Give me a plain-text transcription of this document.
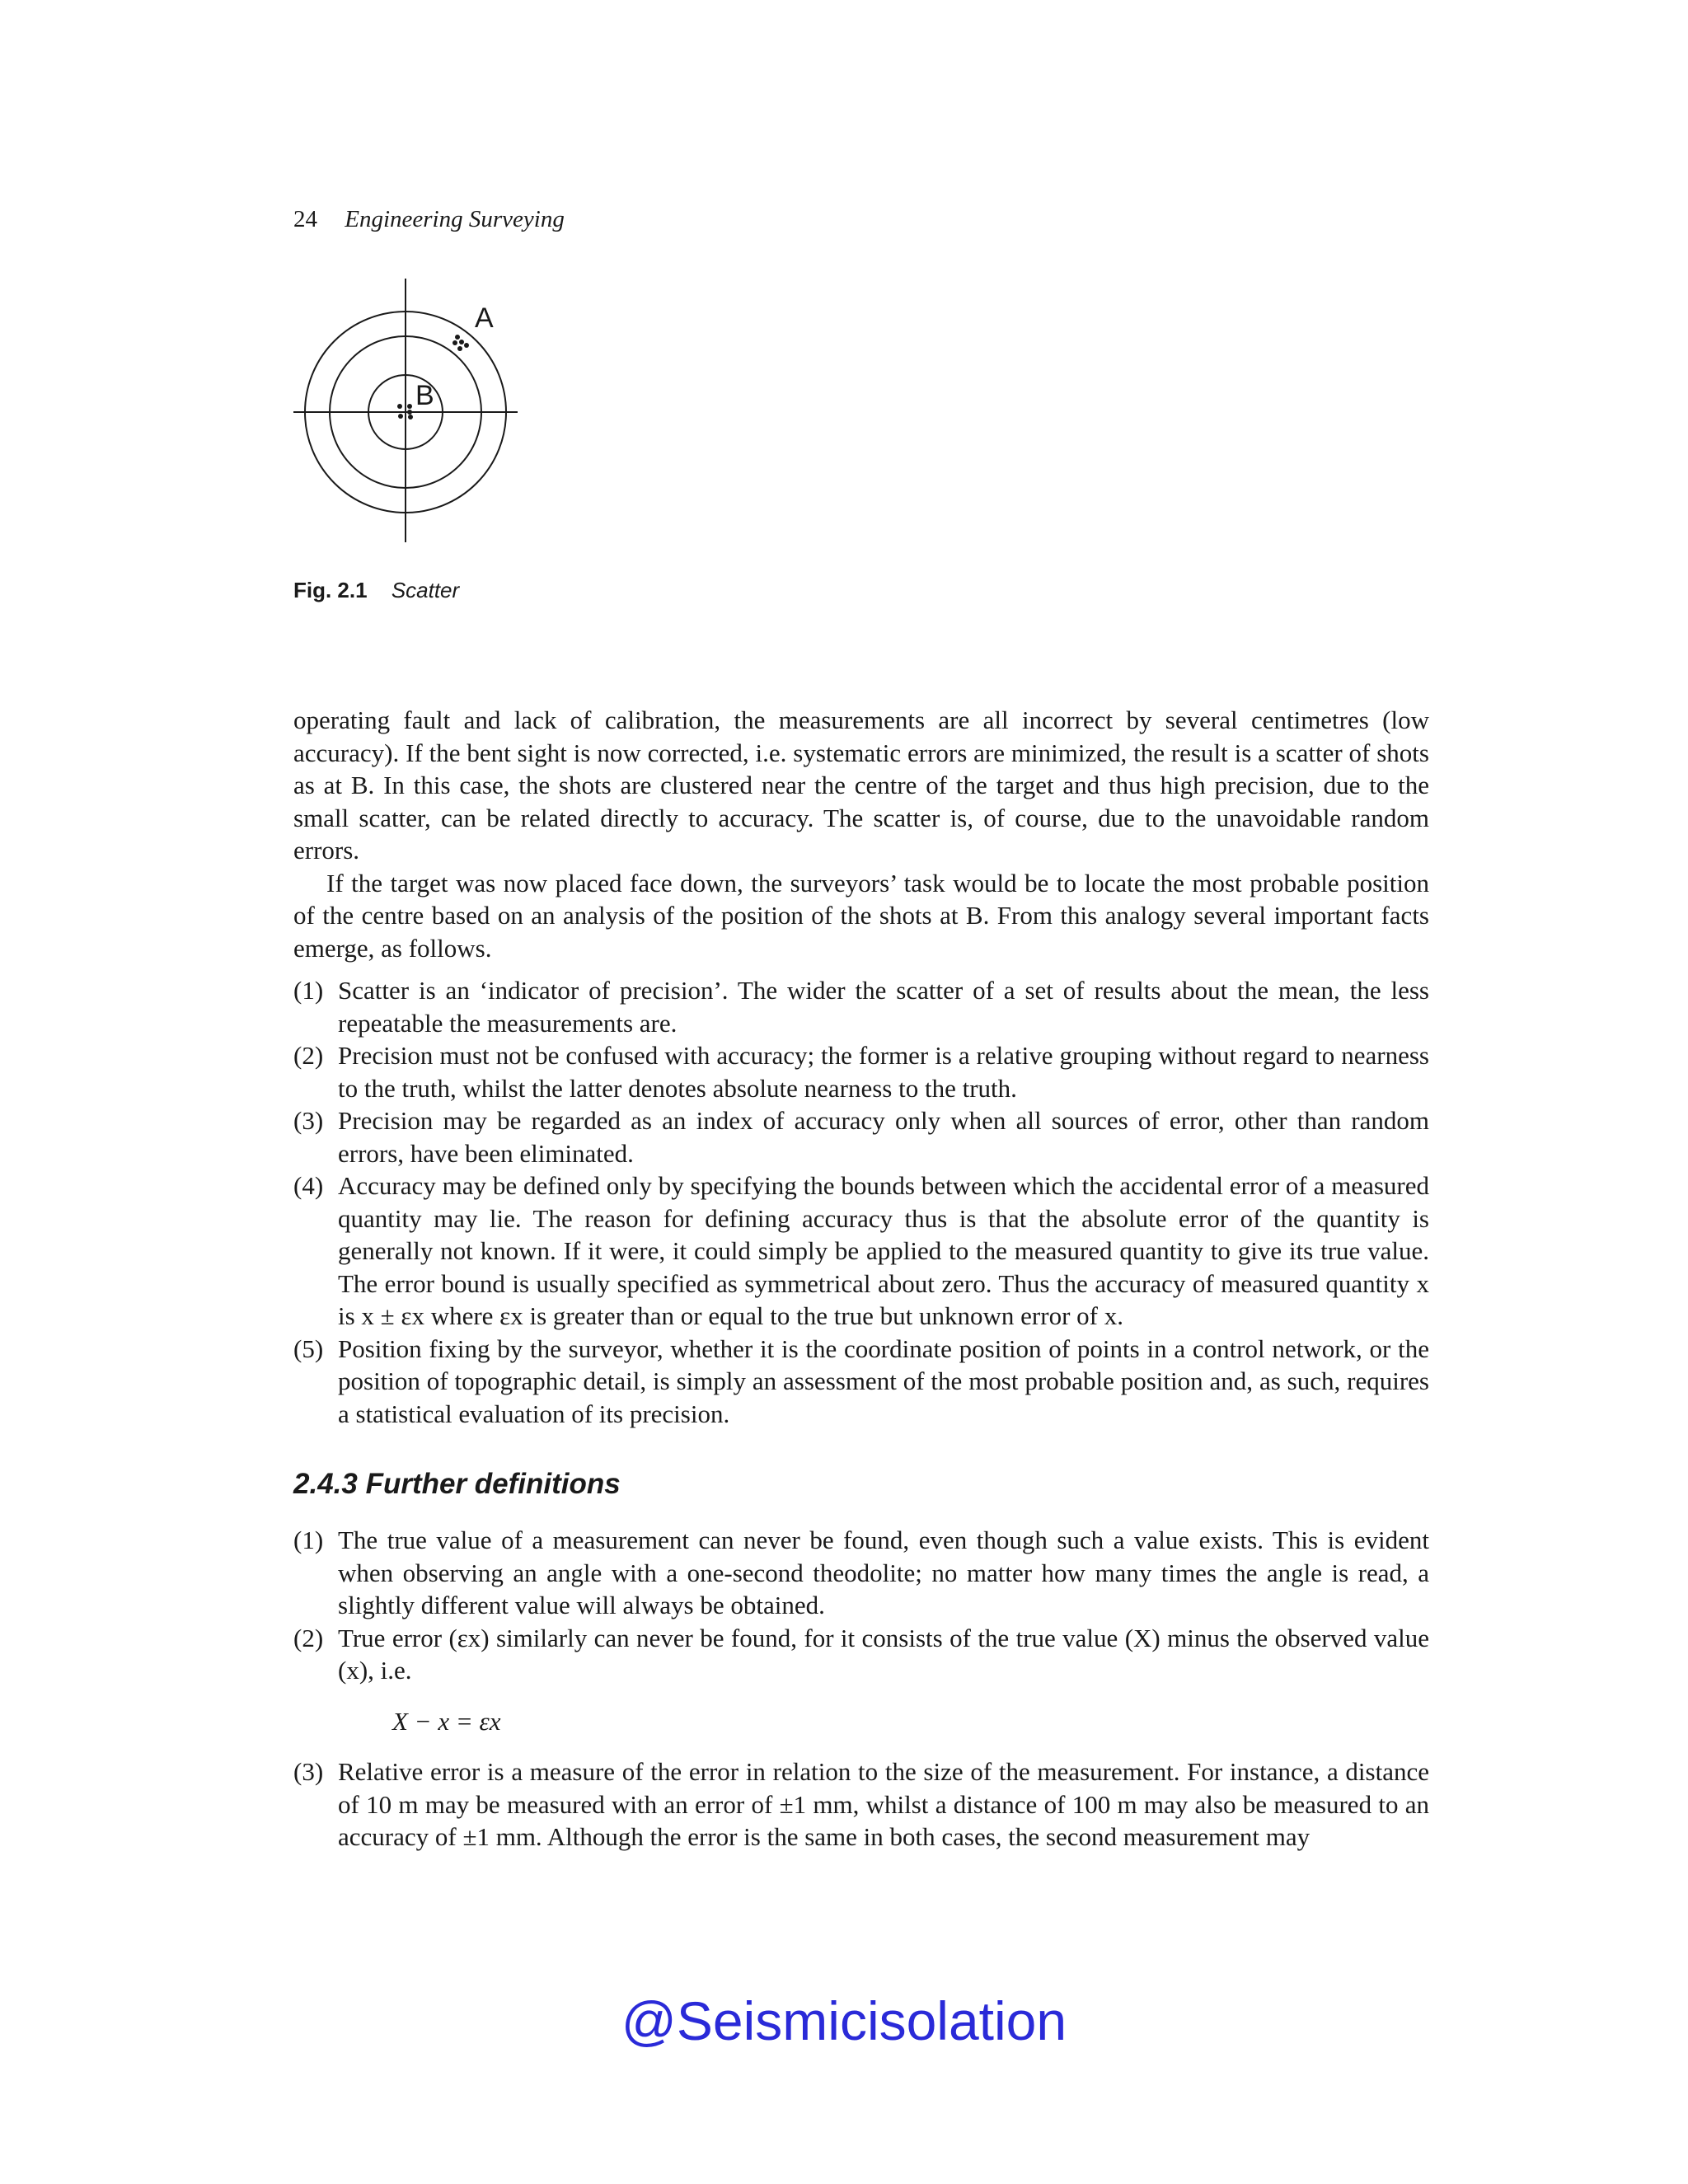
24 Engineering Surveying
A
B
Fig. 2.1 Scatter

operating fault and lack of calibration, the measurements are all incorrect by several centimetres (low accuracy). If the bent sight is now corrected, i.e. systematic errors are minimized, the result is a scatter of shots as at B. In this case, the shots are clustered near the centre of the target and thus high precision, due to the small scatter, can be related directly to accuracy. The scatter is, of course, due to the unavoidable random errors.

If the target was now placed face down, the surveyors’ task would be to locate the most probable position of the centre based on an analysis of the position of the shots at B. From this analogy several important facts emerge, as follows.

(1) Scatter is an ‘indicator of precision’. The wider the scatter of a set of results about the mean, the less repeatable the measurements are.
(2) Precision must not be confused with accuracy; the former is a relative grouping without regard to nearness to the truth, whilst the latter denotes absolute nearness to the truth.
(3) Precision may be regarded as an index of accuracy only when all sources of error, other than random errors, have been eliminated.
(4) Accuracy may be defined only by specifying the bounds between which the accidental error of a measured quantity may lie. The reason for defining accuracy thus is that the absolute error of the quantity is generally not known. If it were, it could simply be applied to the measured quantity to give its true value. The error bound is usually specified as symmetrical about zero. Thus the accuracy of measured quantity x is x ± εx where εx is greater than or equal to the true but unknown error of x.
(5) Position fixing by the surveyor, whether it is the coordinate position of points in a control network, or the position of topographic detail, is simply an assessment of the most probable position and, as such, requires a statistical evaluation of its precision.
2.4.3 Further definitions
(1) The true value of a measurement can never be found, even though such a value exists. This is evident when observing an angle with a one-second theodolite; no matter how many times the angle is read, a slightly different value will always be obtained.
(2) True error (εx) similarly can never be found, for it consists of the true value (X) minus the observed value (x), i.e.
X − x = εx
(3) Relative error is a measure of the error in relation to the size of the measurement. For instance, a distance of 10 m may be measured with an error of ±1 mm, whilst a distance of 100 m may also be measured to an accuracy of ±1 mm. Although the error is the same in both cases, the second measurement may
@Seismicisolation
